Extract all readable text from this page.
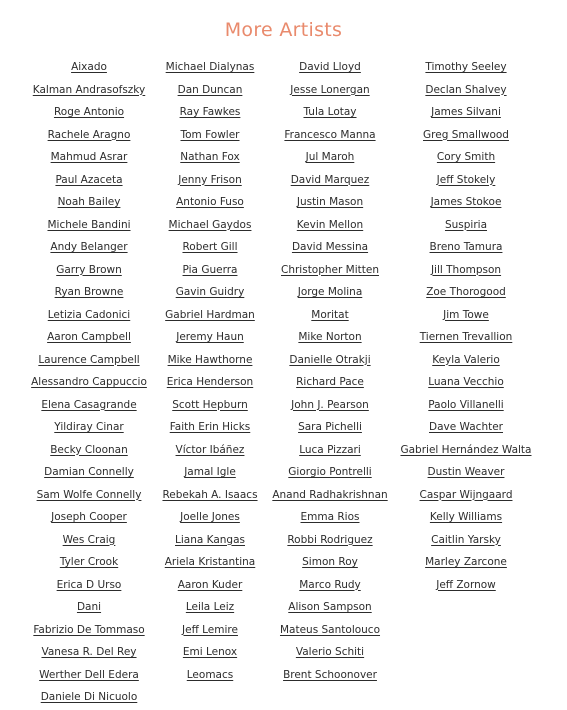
More Artists
Aixado
Kalman Andrasofszky
Roge Antonio
Rachele Aragno
Mahmud Asrar
Paul Azaceta
Noah Bailey
Michele Bandini
Andy Belanger
Garry Brown
Ryan Browne
Letizia Cadonici
Aaron Campbell
Laurence Campbell
Alessandro Cappuccio
Elena Casagrande
Yildiray Cinar
Becky Cloonan
Damian Connelly
Sam Wolfe Connelly
Joseph Cooper
Wes Craig
Tyler Crook
Erica D Urso
Dani
Fabrizio De Tommaso
Vanesa R. Del Rey
Werther Dell Edera
Daniele Di Nicuolo
Michael Dialynas
Dan Duncan
Ray Fawkes
Tom Fowler
Nathan Fox
Jenny Frison
Antonio Fuso
Michael Gaydos
Robert Gill
Pia Guerra
Gavin Guidry
Gabriel Hardman
Jeremy Haun
Mike Hawthorne
Erica Henderson
Scott Hepburn
Faith Erin Hicks
Víctor Ibáñez
Jamal Igle
Rebekah A. Isaacs
Joelle Jones
Liana Kangas
Ariela Kristantina
Aaron Kuder
Leila Leiz
Jeff Lemire
Emi Lenox
Leomacs
David Lloyd
Jesse Lonergan
Tula Lotay
Francesco Manna
Jul Maroh
David Marquez
Justin Mason
Kevin Mellon
David Messina
Christopher Mitten
Jorge Molina
Moritat
Mike Norton
Danielle Otrakji
Richard Pace
John J. Pearson
Sara Pichelli
Luca Pizzari
Giorgio Pontrelli
Anand Radhakrishnan
Emma Rios
Robbi Rodriguez
Simon Roy
Marco Rudy
Alison Sampson
Mateus Santolouco
Valerio Schiti
Brent Schoonover
Timothy Seeley
Declan Shalvey
James Silvani
Greg Smallwood
Cory Smith
Jeff Stokely
James Stokoe
Suspiria
Breno Tamura
Jill Thompson
Zoe Thorogood
Jim Towe
Tiernen Trevallion
Keyla Valerio
Luana Vecchio
Paolo Villanelli
Dave Wachter
Gabriel Hernández Walta
Dustin Weaver
Caspar Wijngaard
Kelly Williams
Caitlin Yarsky
Marley Zarcone
Jeff Zornow
